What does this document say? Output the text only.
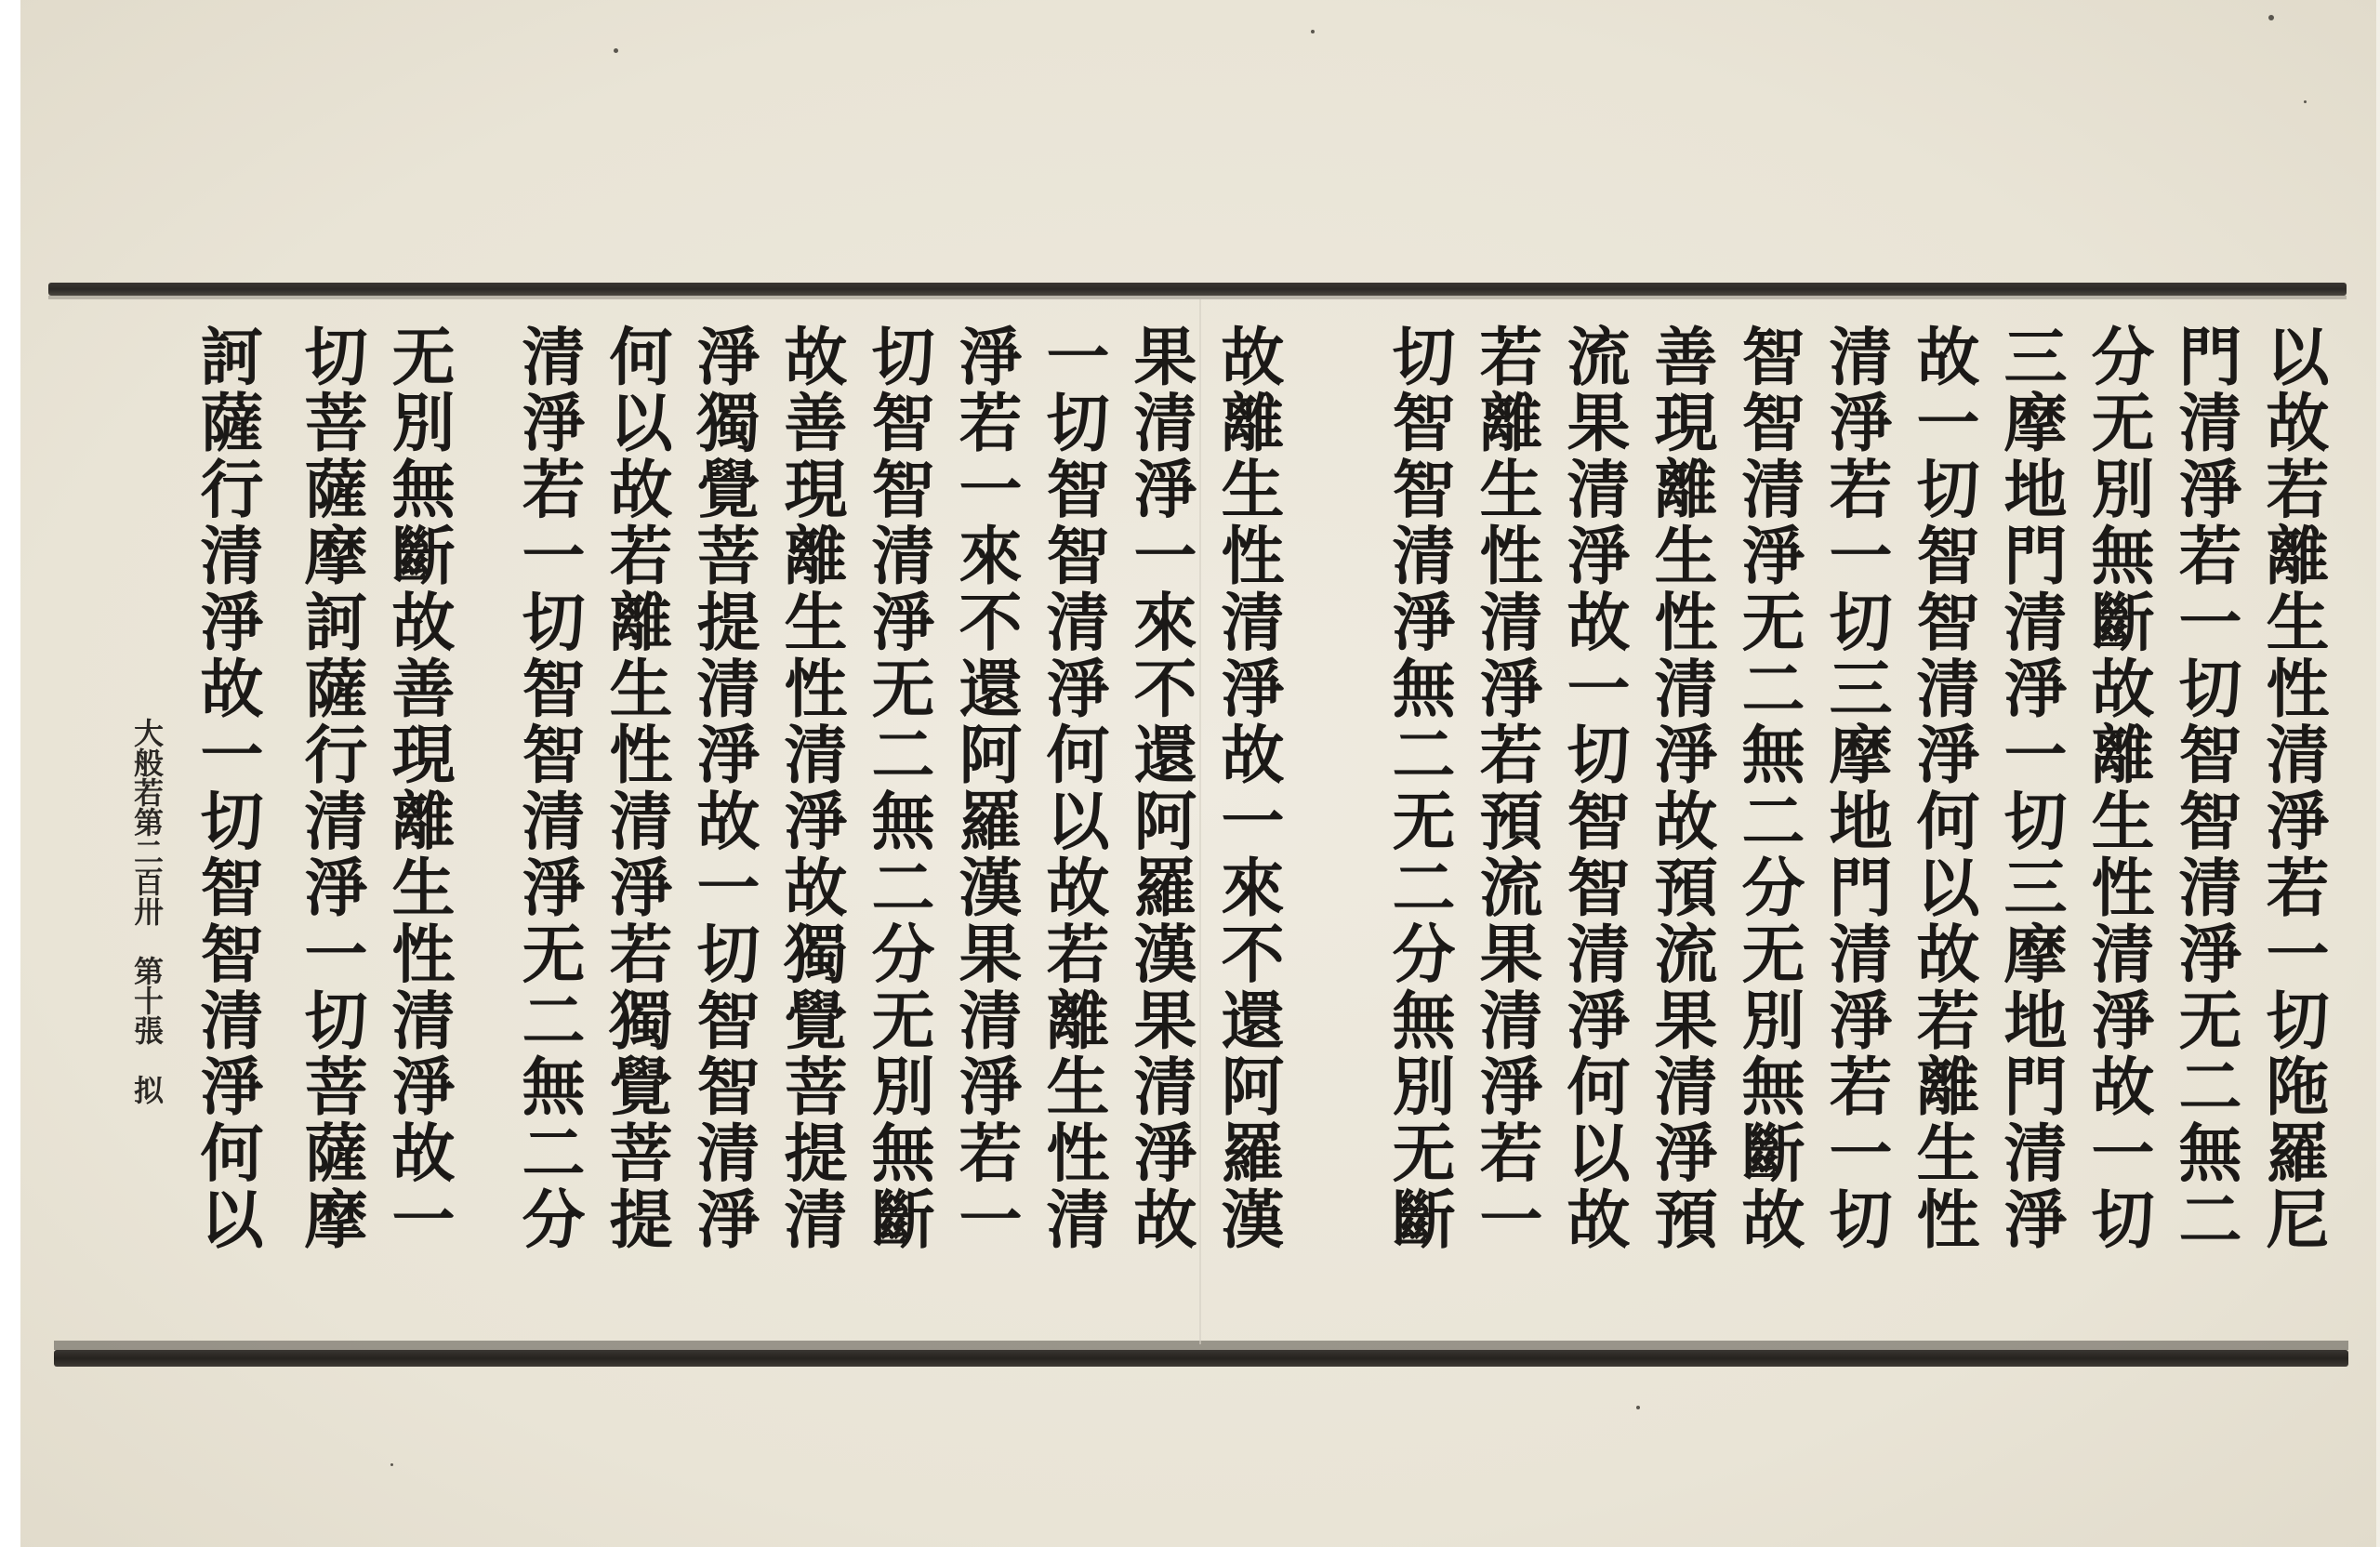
以故若離生性清淨若一切陁羅尼
門清淨若一切智智清淨无二無二
分无別無斷故離生性清淨故一切
三摩地門清淨一切三摩地門清淨
故一切智智清淨何以故若離生性
清淨若一切三摩地門清淨若一切
智智清淨无二無二分无別無斷故
善現離生性清淨故預流果清淨預
流果清淨故一切智智清淨何以故
若離生性清淨若預流果清淨若一
切智智清淨無二无二分無別无斷
故離生性清淨故一來不還阿羅漢
果清淨一來不還阿羅漢果清淨故
一切智智清淨何以故若離生性清
淨若一來不還阿羅漢果清淨若一
切智智清淨无二無二分无別無斷
故善現離生性清淨故獨覺菩提清
淨獨覺菩提清淨故一切智智清淨
何以故若離生性清淨若獨覺菩提
清淨若一切智智清淨无二無二分
无別無斷故善現離生性清淨故一
切菩薩摩訶薩行清淨一切菩薩摩
訶薩行清淨故一切智智清淨何以
大般若第二百卅　第十張　拟
